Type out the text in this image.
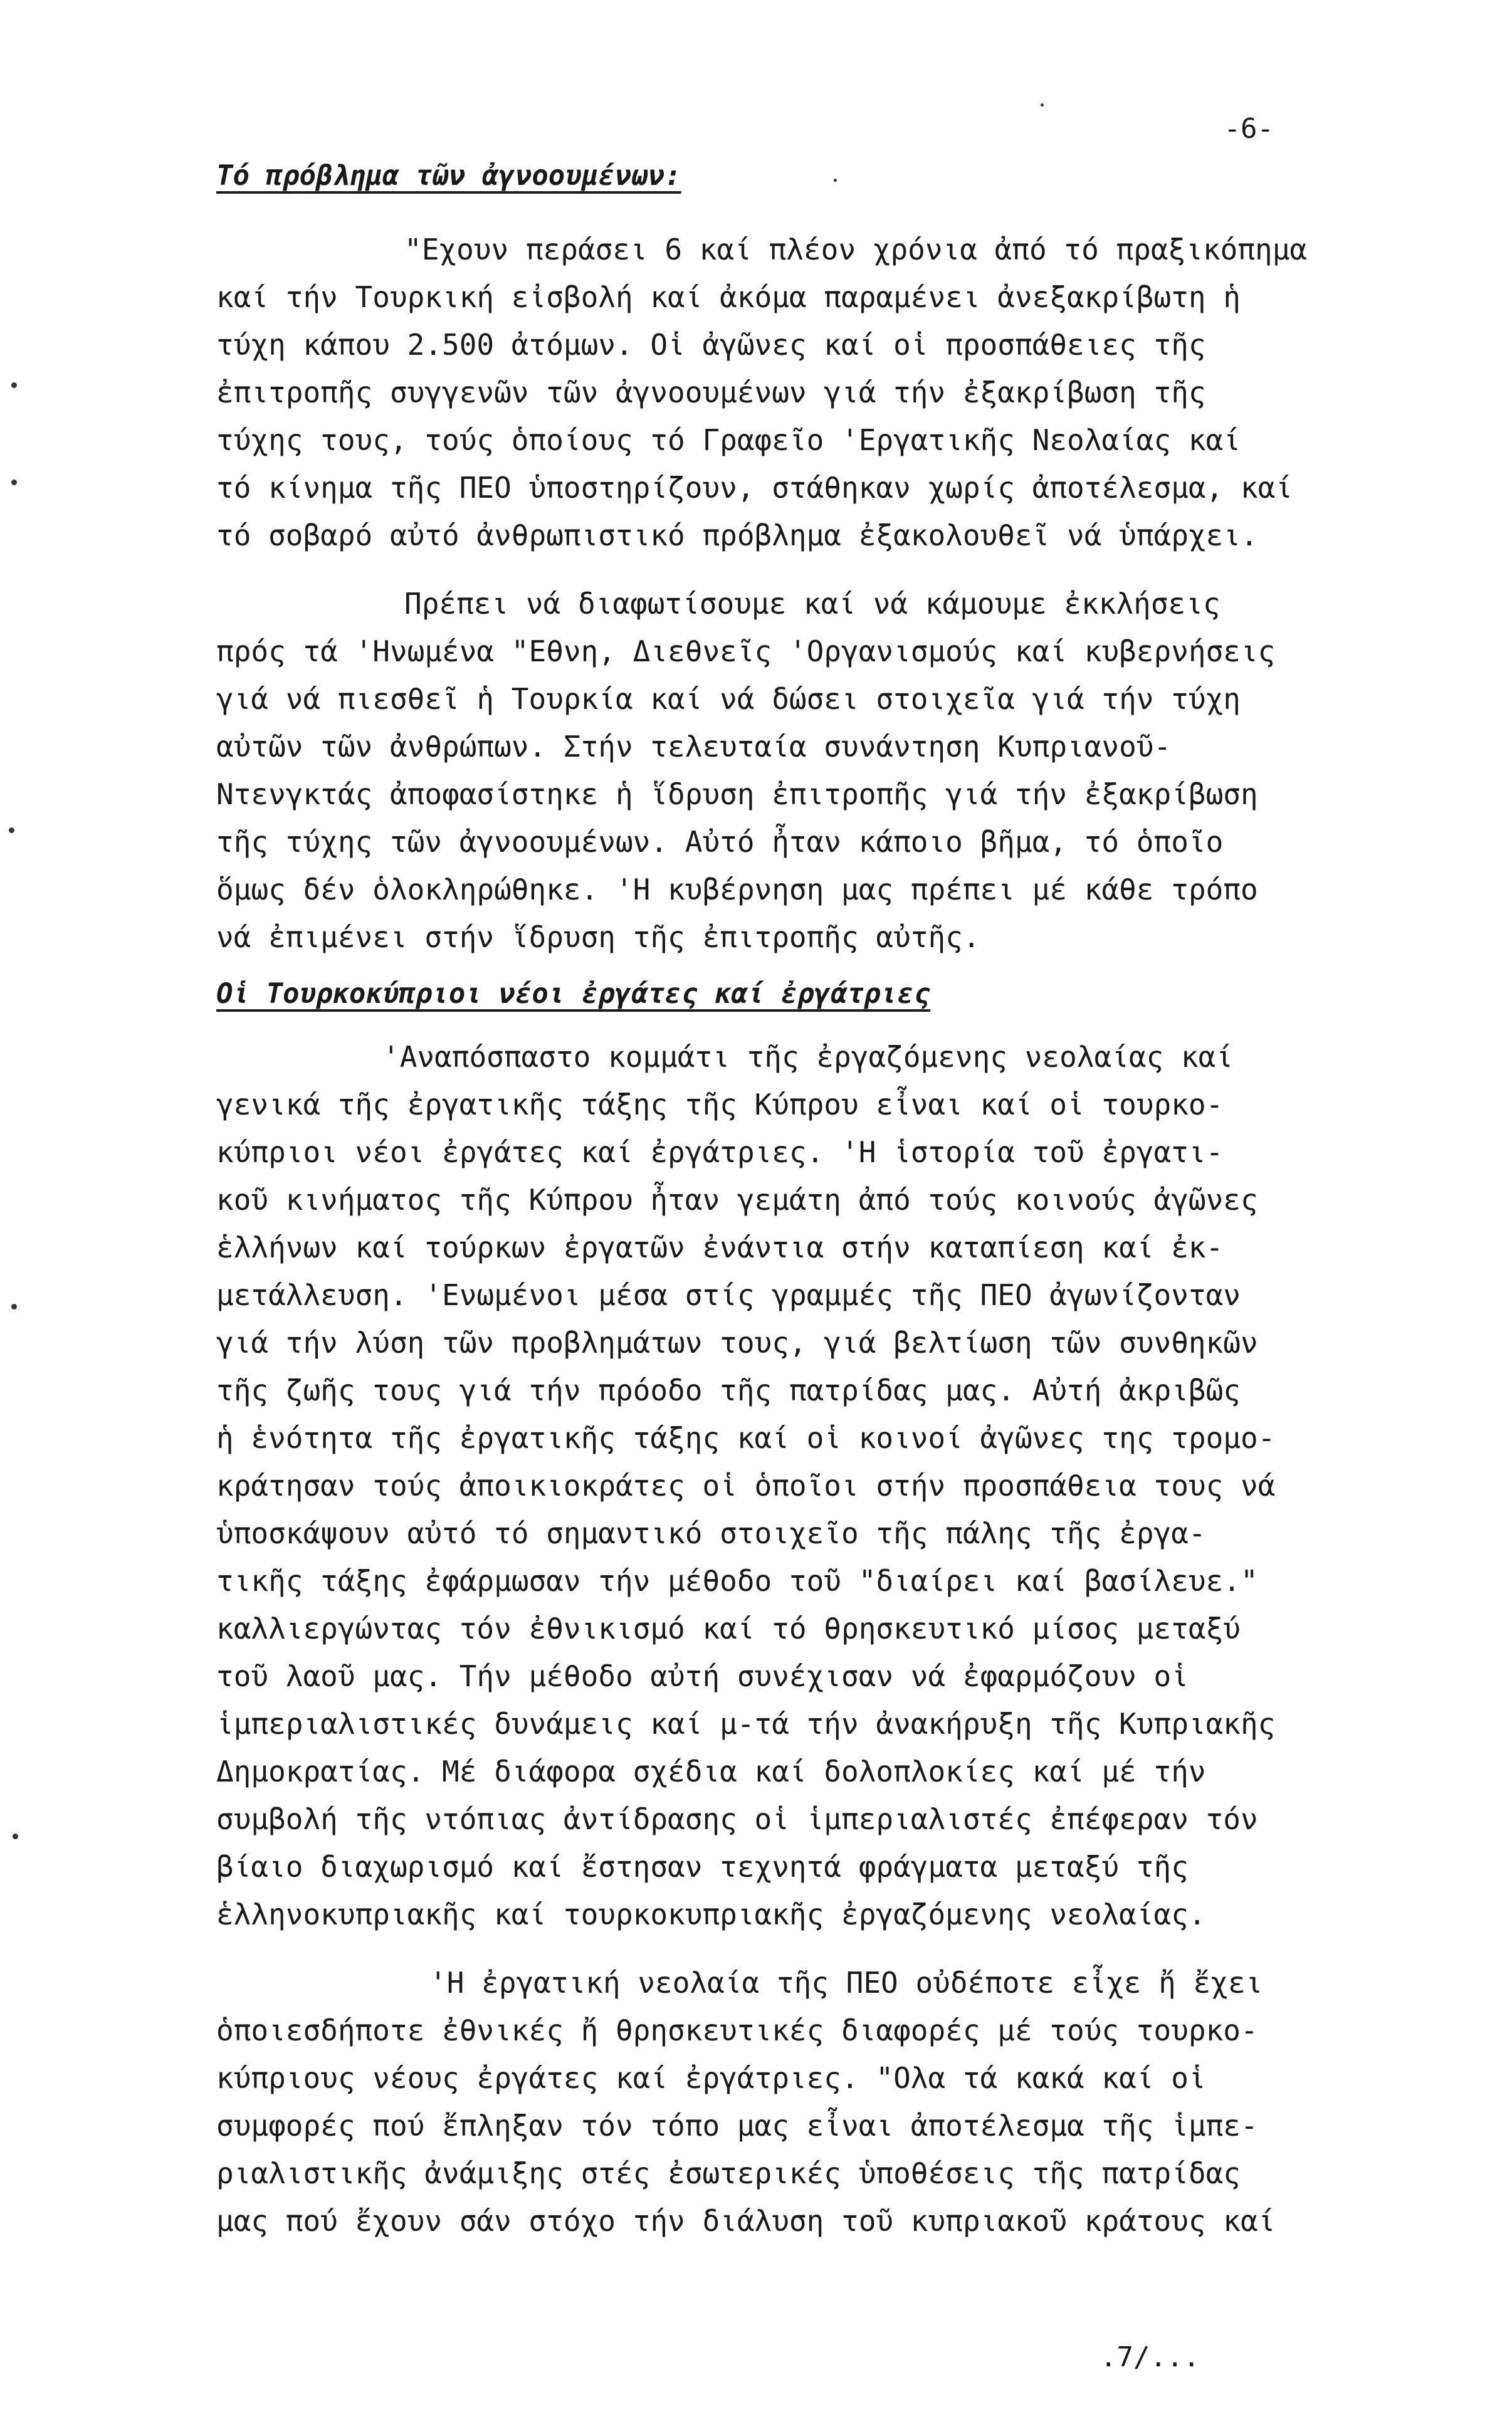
-6-
Τό πρόβλημα τῶν ἀγνοουμένων:
"Εχουν περάσει 6 καί πλέον χρόνια ἀπό τό πραξικόπημα
καί τήν Τουρκική εἰσβολή καί ἀκόμα παραμένει ἀνεξακρίβωτη ἡ
τύχη κάπου 2.500 ἀτόμων. Οἱ ἀγῶνες καί οἱ προσπάθειες τῆς
ἐπιτροπῆς συγγενῶν τῶν ἀγνοουμένων γιά τήν ἐξακρίβωση τῆς
τύχης τους, τούς ὁποίους τό Γραφεῖο 'Εργατικῆς Νεολαίας καί
τό κίνημα τῆς ΠΕΟ ὑποστηρίζουν, στάθηκαν χωρίς ἀποτέλεσμα, καί
τό σοβαρό αὐτό ἀνθρωπιστικό πρόβλημα ἐξακολουθεῖ νά ὑπάρχει.
Πρέπει νά διαφωτίσουμε καί νά κάμουμε ἐκκλήσεις
πρός τά 'Ηνωμένα "Εθνη, Διεθνεῖς 'Οργανισμούς καί κυβερνήσεις
γιά νά πιεσθεῖ ἡ Τουρκία καί νά δώσει στοιχεῖα γιά τήν τύχη
αὐτῶν τῶν ἀνθρώπων. Στήν τελευταία συνάντηση Κυπριανοῦ-
Ντενγκτάς ἀποφασίστηκε ἡ ἵδρυση ἐπιτροπῆς γιά τήν ἐξακρίβωση
τῆς τύχης τῶν ἀγνοουμένων. Αὐτό ἦταν κάποιο βῆμα, τό ὁποῖο
ὅμως δέν ὁλοκληρώθηκε. 'Η κυβέρνηση μας πρέπει μέ κάθε τρόπο
νά ἐπιμένει στήν ἵδρυση τῆς ἐπιτροπῆς αὐτῆς.
Οἱ Τουρκοκύπριοι νέοι ἐργάτες καί ἐργάτριες
'Αναπόσπαστο κομμάτι τῆς ἐργαζόμενης νεολαίας καί
γενικά τῆς ἐργατικῆς τάξης τῆς Κύπρου εἶναι καί οἱ τουρκο-
κύπριοι νέοι ἐργάτες καί ἐργάτριες. 'Η ἱστορία τοῦ ἐργατι-
κοῦ κινήματος τῆς Κύπρου ἦταν γεμάτη ἀπό τούς κοινούς ἀγῶνες
ἑλλήνων καί τούρκων ἐργατῶν ἐνάντια στήν καταπίεση καί ἐκ-
μετάλλευση. 'Ενωμένοι μέσα στίς γραμμές τῆς ΠΕΟ ἀγωνίζονταν
γιά τήν λύση τῶν προβλημάτων τους, γιά βελτίωση τῶν συνθηκῶν
τῆς ζωῆς τους γιά τήν πρόοδο τῆς πατρίδας μας. Αὐτή ἀκριβῶς
ἡ ἑνότητα τῆς ἐργατικῆς τάξης καί οἱ κοινοί ἀγῶνες της τρομο-
κράτησαν τούς ἀποικιοκράτες οἱ ὁποῖοι στήν προσπάθεια τους νά
ὑποσκάψουν αὐτό τό σημαντικό στοιχεῖο τῆς πάλης τῆς ἐργα-
τικῆς τάξης ἐφάρμωσαν τήν μέθοδο τοῦ "διαίρει καί βασίλευε."
καλλιεργώντας τόν ἐθνικισμό καί τό θρησκευτικό μίσος μεταξύ
τοῦ λαοῦ μας. Τήν μέθοδο αὐτή συνέχισαν νά ἐφαρμόζουν οἱ
ἱμπεριαλιστικές δυνάμεις καί μ-τά τήν ἀνακήρυξη τῆς Κυπριακῆς
Δημοκρατίας. Μέ διάφορα σχέδια καί δολοπλοκίες καί μέ τήν
συμβολή τῆς ντόπιας ἀντίδρασης οἱ ἱμπεριαλιστές ἐπέφεραν τόν
βίαιο διαχωρισμό καί ἔστησαν τεχνητά φράγματα μεταξύ τῆς
ἑλληνοκυπριακῆς καί τουρκοκυπριακῆς ἐργαζόμενης νεολαίας.
'Η ἐργατική νεολαία τῆς ΠΕΟ οὐδέποτε εἶχε ἤ ἔχει
ὁποιεσδήποτε ἐθνικές ἤ θρησκευτικές διαφορές μέ τούς τουρκο-
κύπριους νέους ἐργάτες καί ἐργάτριες. "Ολα τά κακά καί οἱ
συμφορές πού ἔπληξαν τόν τόπο μας εἶναι ἀποτέλεσμα τῆς ἱμπε-
ριαλιστικῆς ἀνάμιξης στές ἐσωτερικές ὑποθέσεις τῆς πατρίδας
μας πού ἔχουν σάν στόχο τήν διάλυση τοῦ κυπριακοῦ κράτους καί
.7/...
